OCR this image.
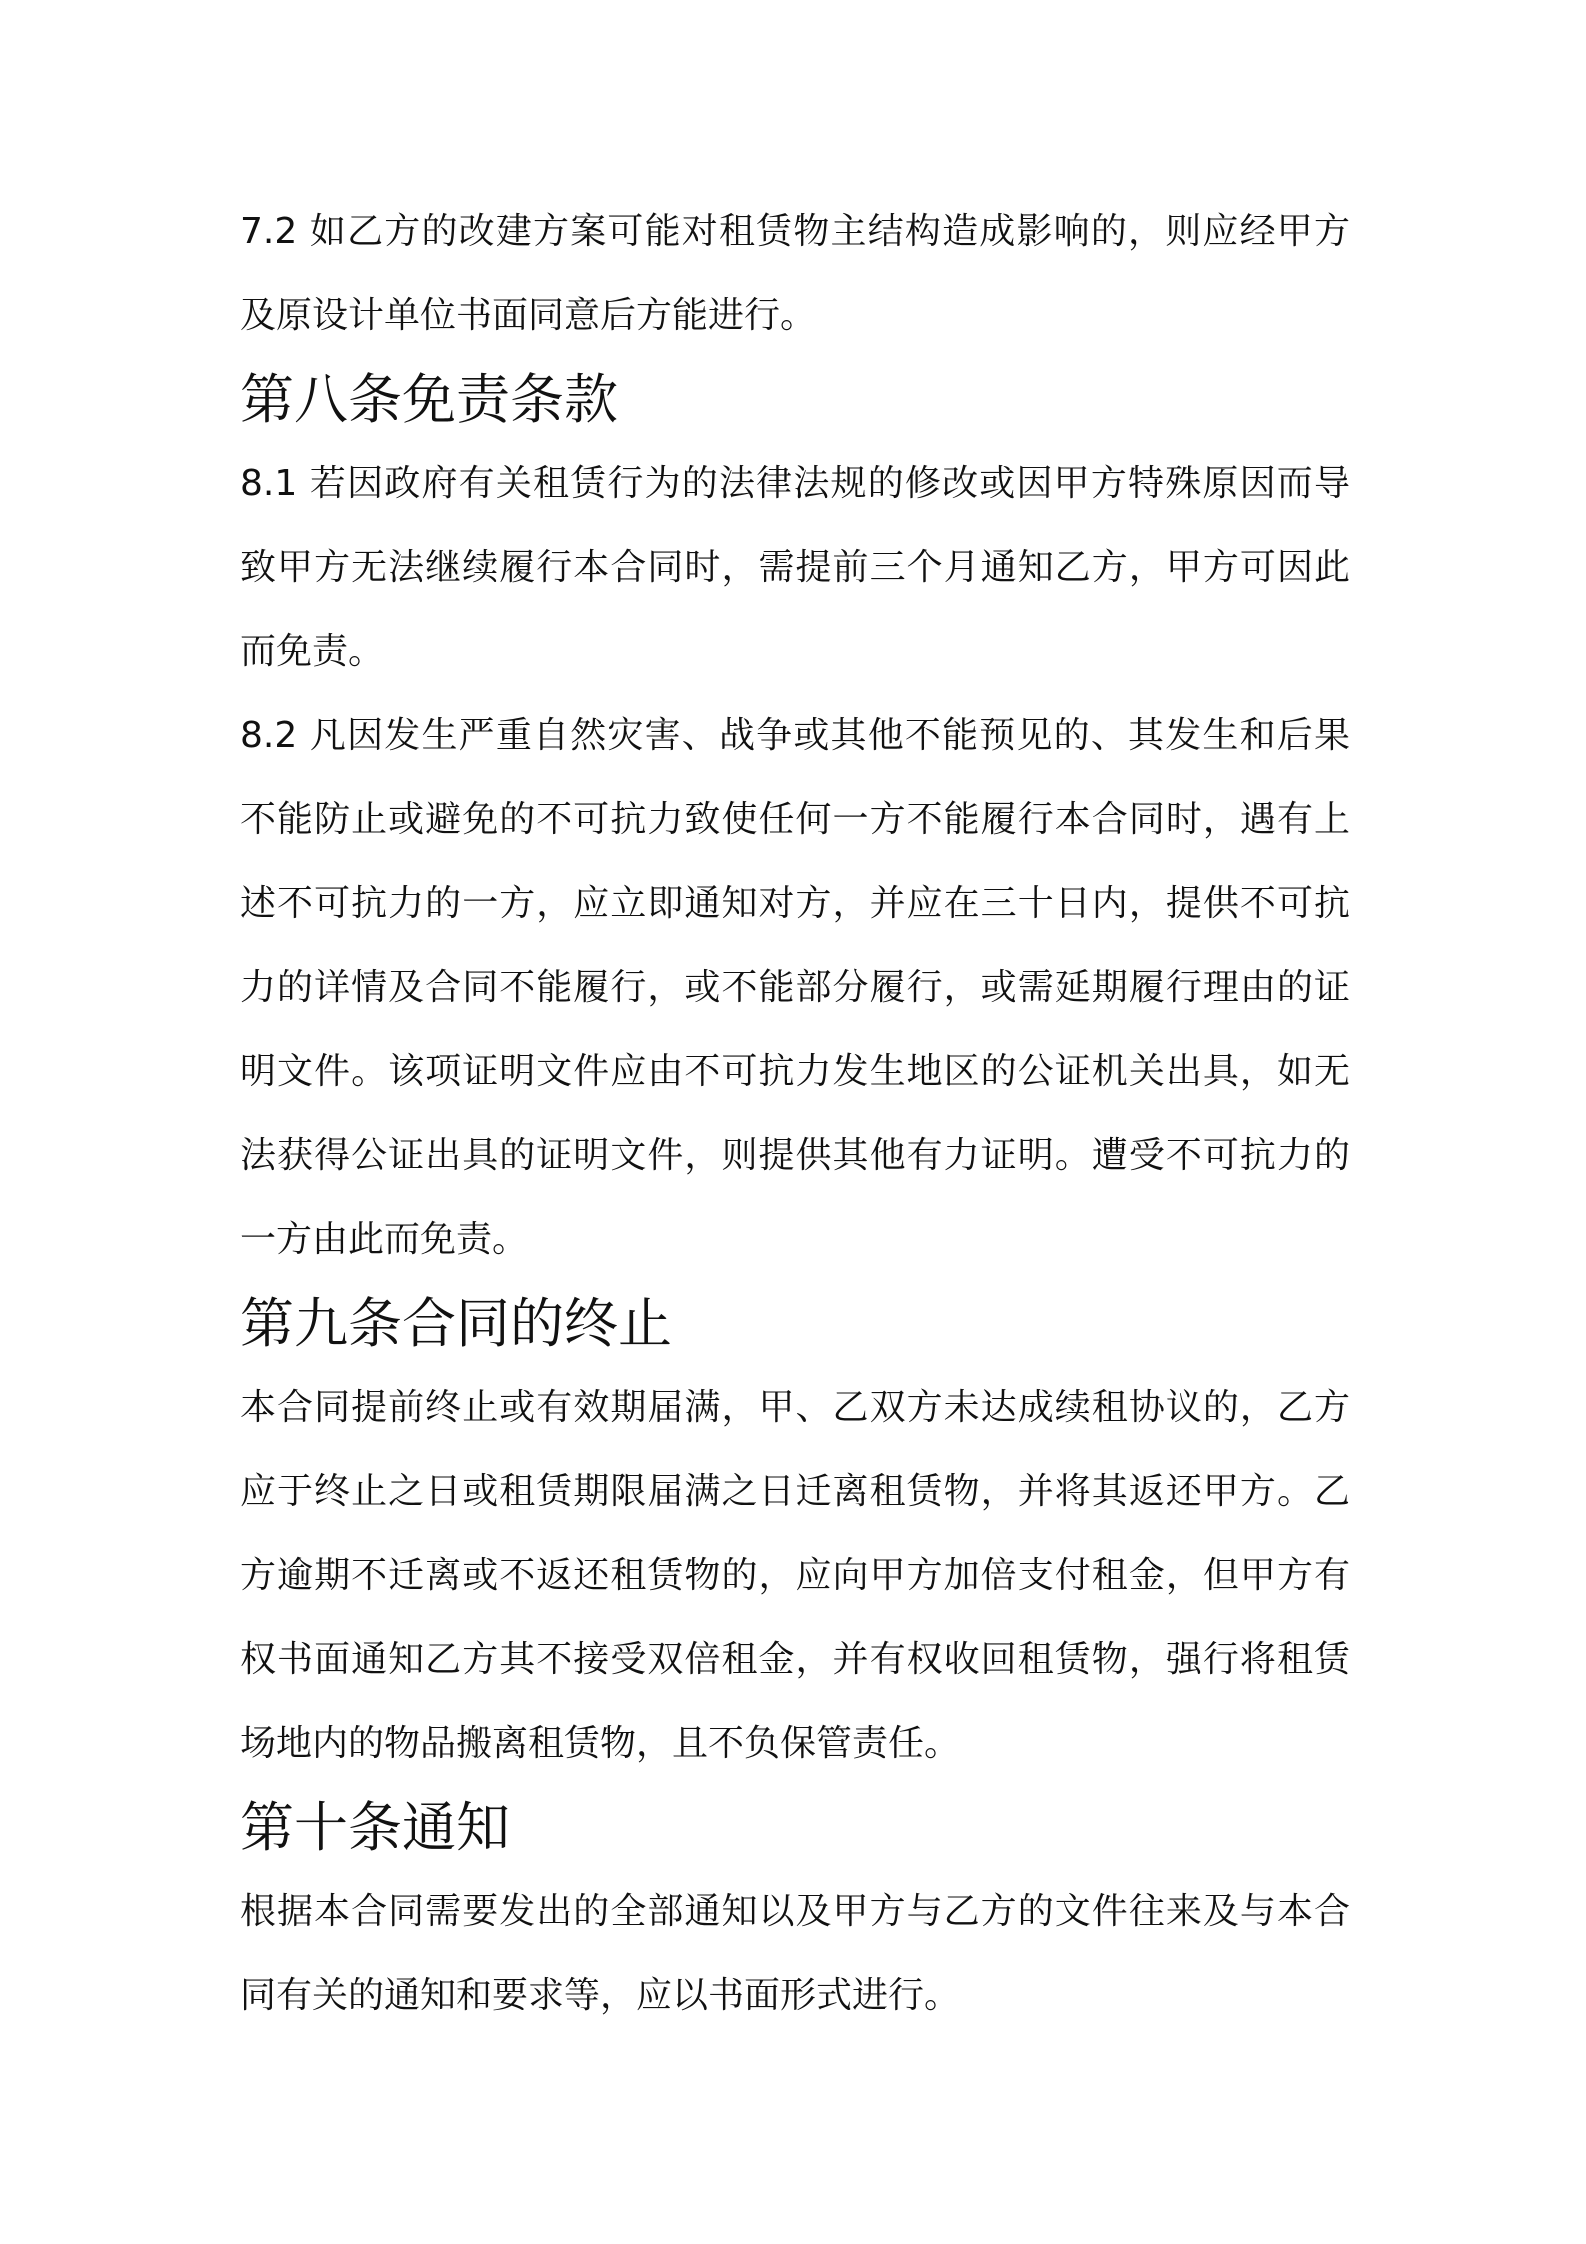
7.2 如乙方的改建方案可能对租赁物主结构造成影响的，则应经甲方及原设计单位书面同意后方能进行。

第八条免责条款

8.1 若因政府有关租赁行为的法律法规的修改或因甲方特殊原因而导致甲方无法继续履行本合同时，需提前三个月通知乙方，甲方可因此而免责。

8.2 凡因发生严重自然灾害、战争或其他不能预见的、其发生和后果不能防止或避免的不可抗力致使任何一方不能履行本合同时，遇有上述不可抗力的一方，应立即通知对方，并应在三十日内，提供不可抗力的详情及合同不能履行，或不能部分履行，或需延期履行理由的证明文件。该项证明文件应由不可抗力发生地区的公证机关出具，如无法获得公证出具的证明文件，则提供其他有力证明。遭受不可抗力的一方由此而免责。

第九条合同的终止

本合同提前终止或有效期届满，甲、乙双方未达成续租协议的，乙方应于终止之日或租赁期限届满之日迁离租赁物，并将其返还甲方。乙方逾期不迁离或不返还租赁物的，应向甲方加倍支付租金，但甲方有权书面通知乙方其不接受双倍租金，并有权收回租赁物，强行将租赁场地内的物品搬离租赁物，且不负保管责任。

第十条通知

根据本合同需要发出的全部通知以及甲方与乙方的文件往来及与本合同有关的通知和要求等，应以书面形式进行。
